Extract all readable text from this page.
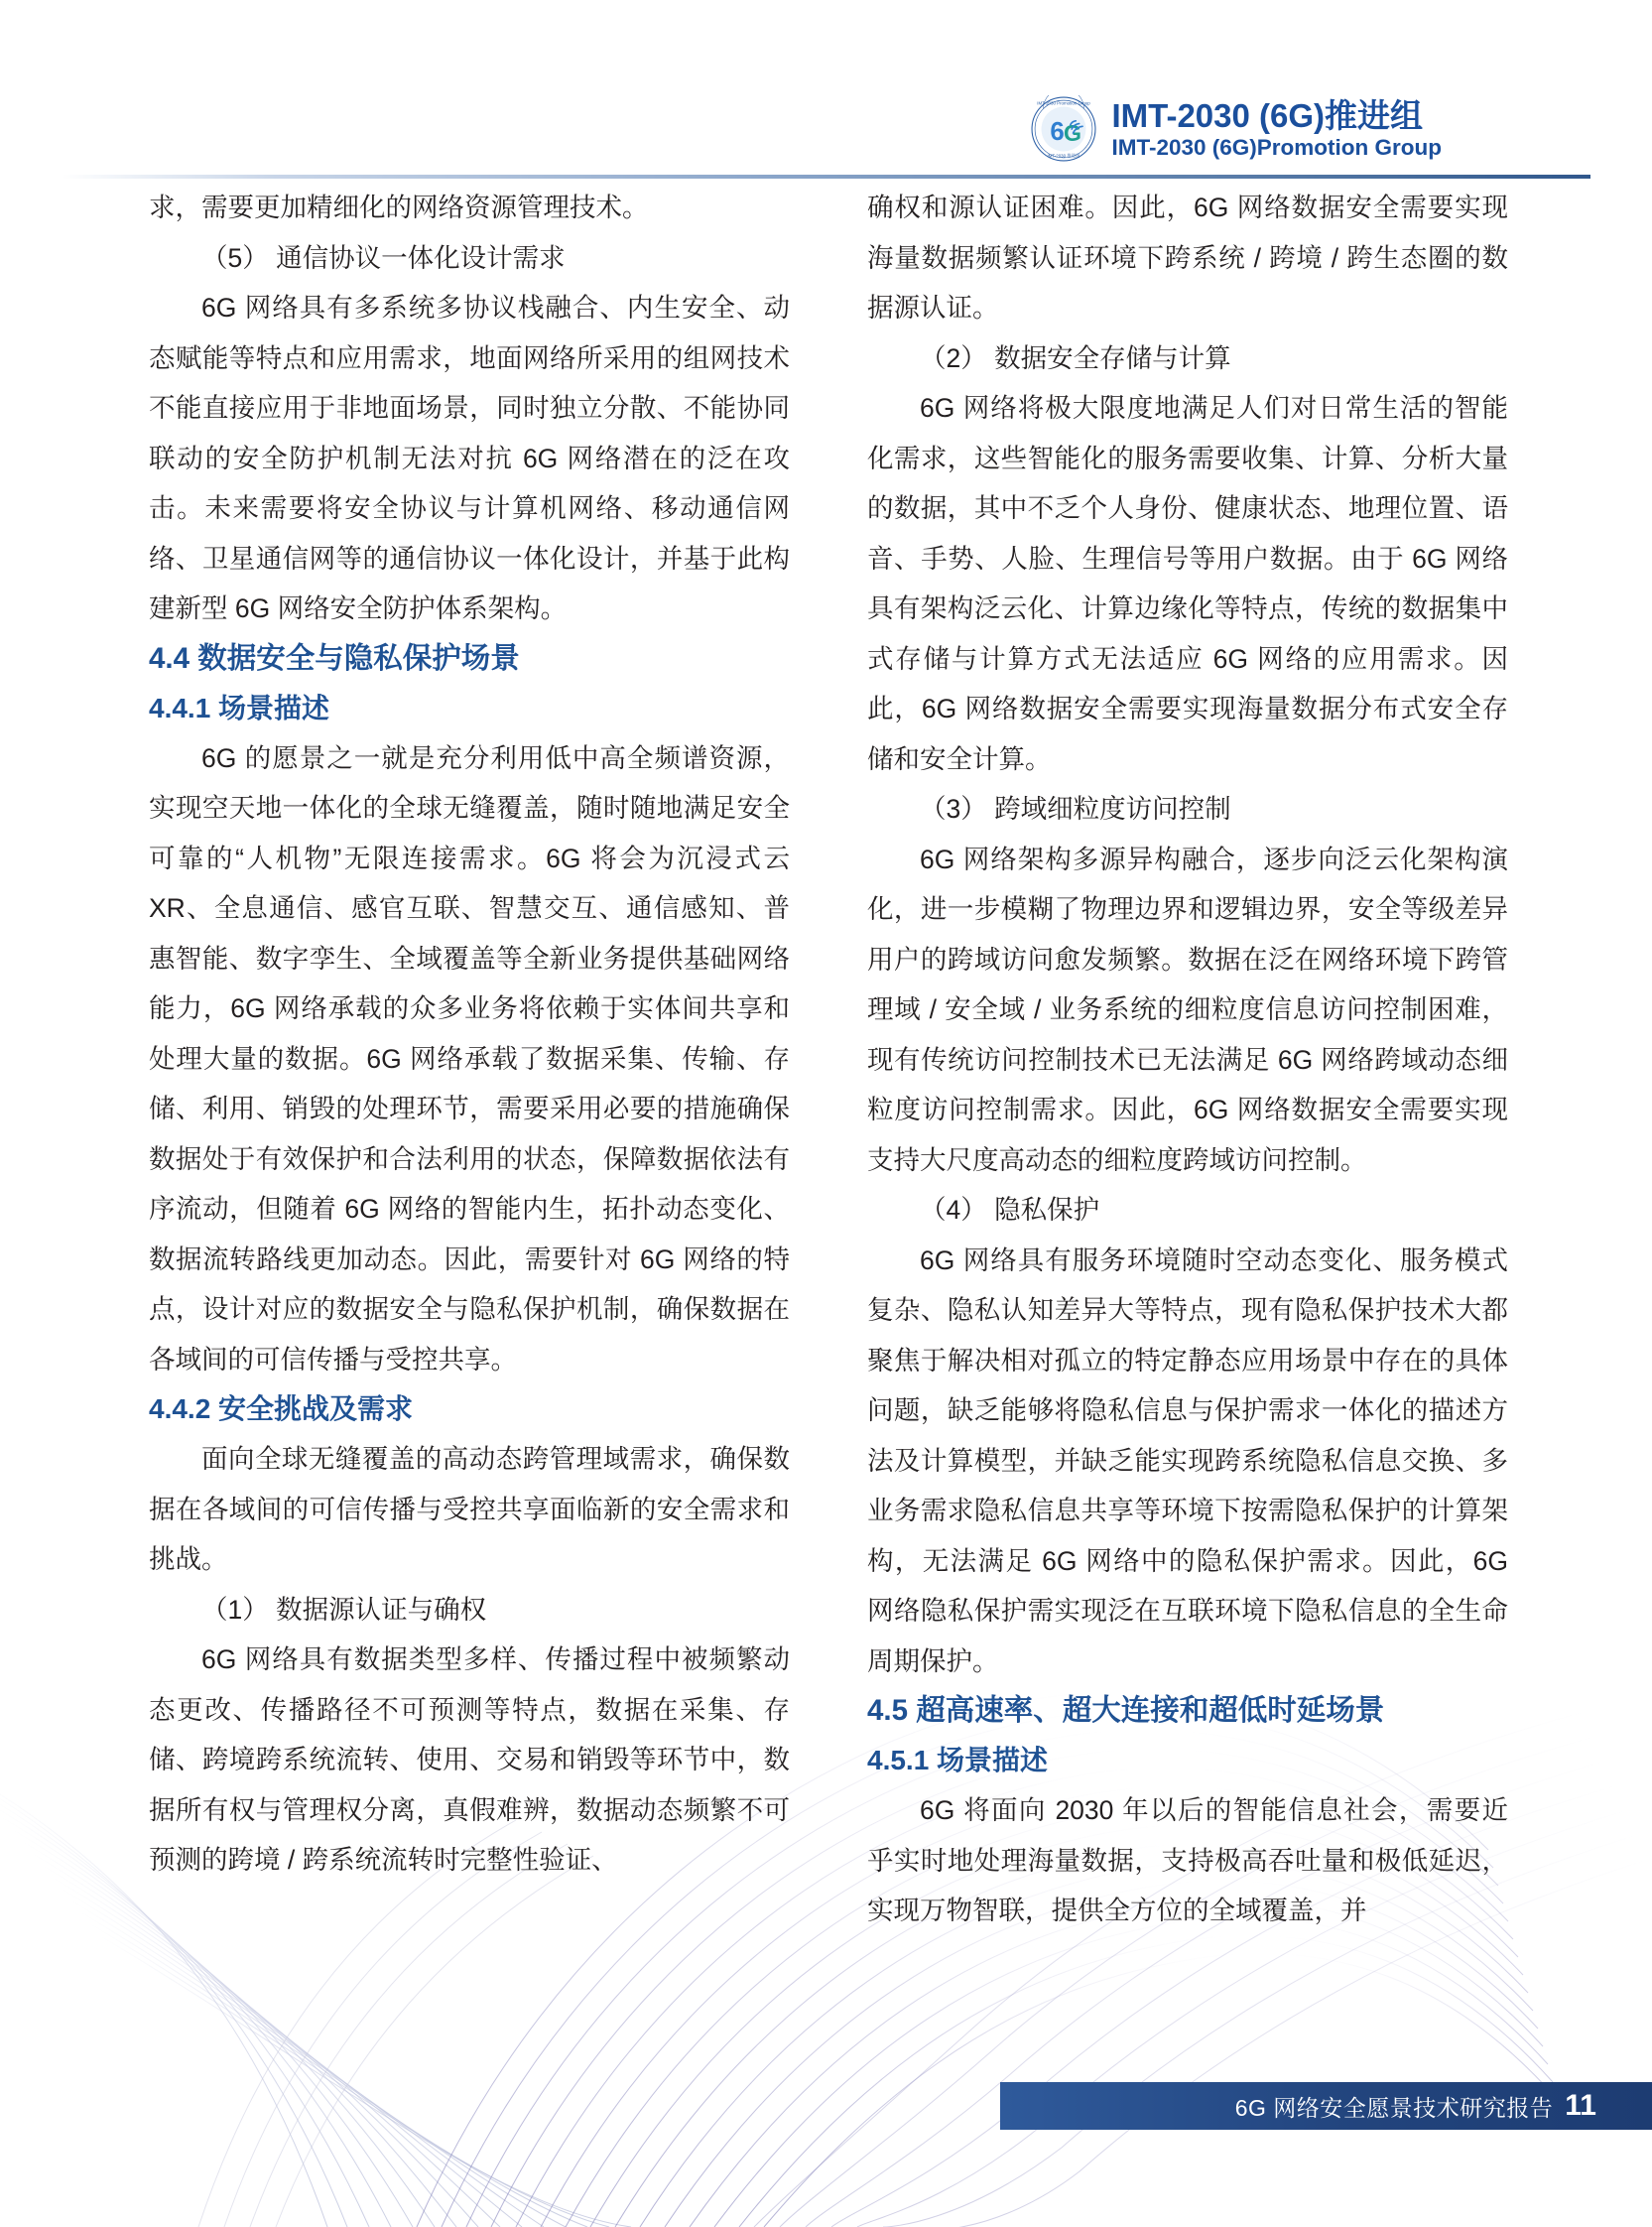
IMT-2030 Promotion Group
IMT-2030 推进组
6 G IMT-2030 (6G)推进组
IMT-2030 (6G)Promotion Group

求，需要更加精细化的网络资源管理技术。

（5） 通信协议一体化设计需求

6G 网络具有多系统多协议栈融合、内生安全、动态赋能等特点和应用需求，地面网络所采用的组网技术不能直接应用于非地面场景，同时独立分散、不能协同联动的安全防护机制无法对抗 6G 网络潜在的泛在攻击。未来需要将安全协议与计算机网络、移动通信网络、卫星通信网等的通信协议一体化设计，并基于此构建新型 6G 网络安全防护体系架构。

4.4 数据安全与隐私保护场景
4.4.1 场景描述

6G 的愿景之一就是充分利用低中高全频谱资源，实现空天地一体化的全球无缝覆盖，随时随地满足安全可靠的“人机物”无限连接需求。6G 将会为沉浸式云 XR、全息通信、感官互联、智慧交互、通信感知、普惠智能、数字孪生、全域覆盖等全新业务提供基础网络能力，6G 网络承载的众多业务将依赖于实体间共享和处理大量的数据。6G 网络承载了数据采集、传输、存储、利用、销毁的处理环节，需要采用必要的措施确保数据处于有效保护和合法利用的状态，保障数据依法有序流动，但随着 6G 网络的智能内生，拓扑动态变化、数据流转路线更加动态。因此，需要针对 6G 网络的特点，设计对应的数据安全与隐私保护机制，确保数据在各域间的可信传播与受控共享。

4.4.2 安全挑战及需求

面向全球无缝覆盖的高动态跨管理域需求，确保数据在各域间的可信传播与受控共享面临新的安全需求和挑战。

（1） 数据源认证与确权

6G 网络具有数据类型多样、传播过程中被频繁动态更改、传播路径不可预测等特点，数据在采集、存储、跨境跨系统流转、使用、交易和销毁等环节中，数据所有权与管理权分离，真假难辨，数据动态频繁不可预测的跨境 / 跨系统流转时完整性验证、

确权和源认证困难。因此，6G 网络数据安全需要实现海量数据频繁认证环境下跨系统 / 跨境 / 跨生态圈的数据源认证。

（2） 数据安全存储与计算

6G 网络将极大限度地满足人们对日常生活的智能化需求，这些智能化的服务需要收集、计算、分析大量的数据，其中不乏个人身份、健康状态、地理位置、语音、手势、人脸、生理信号等用户数据。由于 6G 网络具有架构泛云化、计算边缘化等特点，传统的数据集中式存储与计算方式无法适应 6G 网络的应用需求。因此，6G 网络数据安全需要实现海量数据分布式安全存储和安全计算。

（3） 跨域细粒度访问控制

6G 网络架构多源异构融合，逐步向泛云化架构演化，进一步模糊了物理边界和逻辑边界，安全等级差异用户的跨域访问愈发频繁。数据在泛在网络环境下跨管理域 / 安全域 / 业务系统的细粒度信息访问控制困难，现有传统访问控制技术已无法满足 6G 网络跨域动态细粒度访问控制需求。因此，6G 网络数据安全需要实现支持大尺度高动态的细粒度跨域访问控制。

（4） 隐私保护

6G 网络具有服务环境随时空动态变化、服务模式复杂、隐私认知差异大等特点，现有隐私保护技术大都聚焦于解决相对孤立的特定静态应用场景中存在的具体问题，缺乏能够将隐私信息与保护需求一体化的描述方法及计算模型，并缺乏能实现跨系统隐私信息交换、多业务需求隐私信息共享等环境下按需隐私保护的计算架构，无法满足 6G 网络中的隐私保护需求。因此，6G 网络隐私保护需实现泛在互联环境下隐私信息的全生命周期保护。

4.5 超高速率、超大连接和超低时延场景
4.5.1 场景描述

6G 将面向 2030 年以后的智能信息社会，需要近乎实时地处理海量数据，支持极高吞吐量和极低延迟，实现万物智联，提供全方位的全域覆盖，并

6G 网络安全愿景技术研究报告 11
